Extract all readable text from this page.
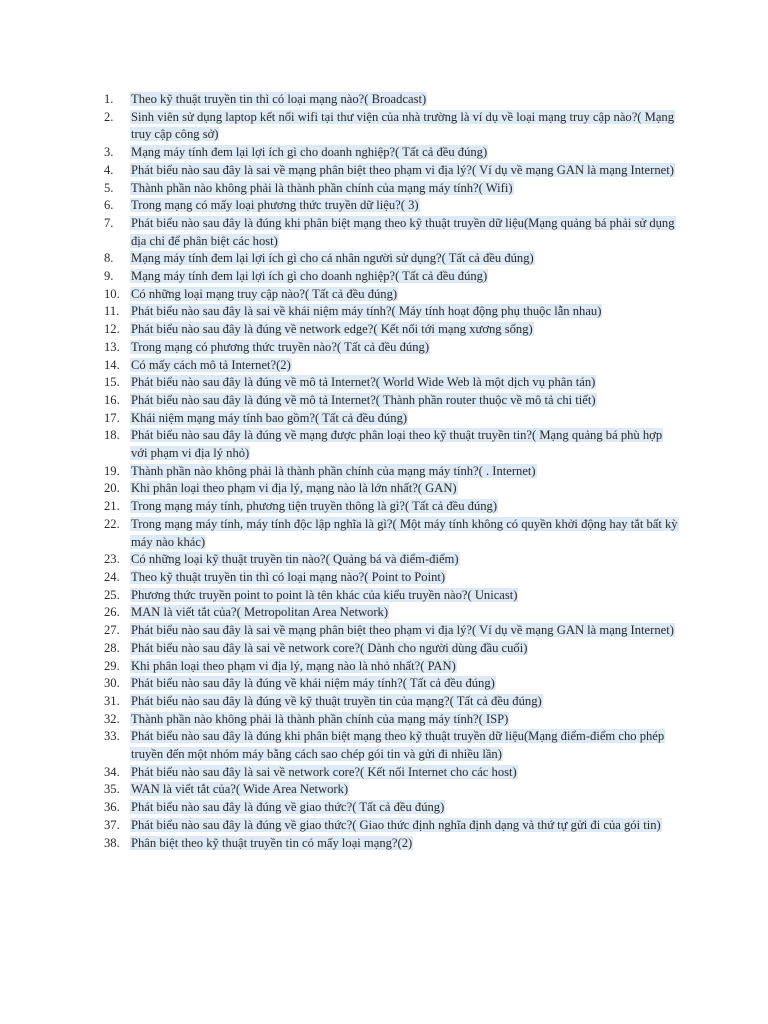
1.	Theo kỹ thuật truyền tin thì có loại mạng nào?( Broadcast)
2.	Sinh viên sử dụng laptop kết nối wifi tại thư viện của nhà trường là ví dụ về loại mạng truy cập nào?( Mạng truy cập công sở)
3.	Mạng máy tính đem lại lợi ích gì cho doanh nghiệp?( Tất cả đều đúng)
4.	Phát biểu nào sau đây là sai về mạng phân biệt theo phạm vi địa lý?( Ví dụ về mạng GAN là mạng Internet)
5.	Thành phần nào không phải là thành phần chính của mạng máy tính?( Wifi)
6.	Trong mạng có mấy loại phương thức truyền dữ liệu?( 3)
7.	Phát biểu nào sau đây là đúng khi phân biệt mạng theo kỹ thuật truyền dữ liệu(Mạng quảng bá phải sử dụng địa chỉ để phân biệt các host)
8.	Mạng máy tính đem lại lợi ích gì cho cá nhân người sử dụng?( Tất cả đều đúng)
9.	Mạng máy tính đem lại lợi ích gì cho doanh nghiệp?( Tất cả đều đúng)
10. Có những loại mạng truy cập nào?( Tất cả đều đúng)
11. Phát biểu nào sau đây là sai về khái niệm máy tính?( Máy tính hoạt động phụ thuộc lẫn nhau)
12. Phát biểu nào sau đây là đúng về network edge?( Kết nối tới mạng xương sống)
13. Trong mạng có phương thức truyền nào?( Tất cả đều đúng)
14. Có mấy cách mô tả Internet?(2)
15. Phát biểu nào sau đây là đúng về mô tả Internet?( World Wide Web là một dịch vụ phân tán)
16. Phát biểu nào sau đây là đúng về mô tả Internet?( Thành phần router thuộc về mô tả chi tiết)
17. Khái niệm mạng máy tính bao gồm?( Tất cả đều đúng)
18. Phát biểu nào sau đây là đúng về mạng được phân loại theo kỹ thuật truyền tin?( Mạng quảng bá phù hợp với phạm vi địa lý nhỏ)
19. Thành phần nào không phải là thành phần chính của mạng máy tính?( . Internet)
20. Khi phân loại theo phạm vi địa lý, mạng nào là lớn nhất?( GAN)
21. Trong mạng máy tính, phương tiện truyền thông là gì?( Tất cả đều đúng)
22. Trong mạng máy tính, máy tính độc lập nghĩa là gì?( Một máy tính không có quyền khởi động hay tắt bất kỳ máy nào khác)
23. Có những loại kỹ thuật truyền tin nào?( Quảng bá và điểm-điểm)
24. Theo kỹ thuật truyền tin thì có loại mạng nào?( Point to Point)
25. Phương thức truyền point to point là tên khác của kiểu truyền nào?( Unicast)
26. MAN là viết tắt của?( Metropolitan Area Network)
27. Phát biểu nào sau đây là sai về mạng phân biệt theo phạm vi địa lý?( Ví dụ về mạng GAN là mạng Internet)
28. Phát biểu nào sau đây là sai về network core?( Dành cho người dùng đầu cuối)
29. Khi phân loại theo phạm vi địa lý, mạng nào là nhỏ nhất?( PAN)
30. Phát biểu nào sau đây là đúng về khái niệm máy tính?( Tất cả đều đúng)
31. Phát biểu nào sau đây là đúng về kỹ thuật truyền tin của mạng?( Tất cả đều đúng)
32. Thành phần nào không phải là thành phần chính của mạng máy tính?( ISP)
33. Phát biểu nào sau đây là đúng khi phân biệt mạng theo kỹ thuật truyền dữ liệu(Mạng điểm-điểm cho phép truyền đến một nhóm máy bằng cách sao chép gói tin và gửi đi nhiều lần)
34. Phát biểu nào sau đây là sai về network core?( Kết nối Internet cho các host)
35. WAN là viết tắt của?( Wide Area Network)
36. Phát biểu nào sau đây là đúng về giao thức?( Tất cả đều đúng)
37. Phát biểu nào sau đây là đúng về giao thức?( Giao thức định nghĩa định dạng và thứ tự gửi đi của gói tin)
38. Phân biệt theo kỹ thuật truyền tin có mấy loại mạng?(2)
